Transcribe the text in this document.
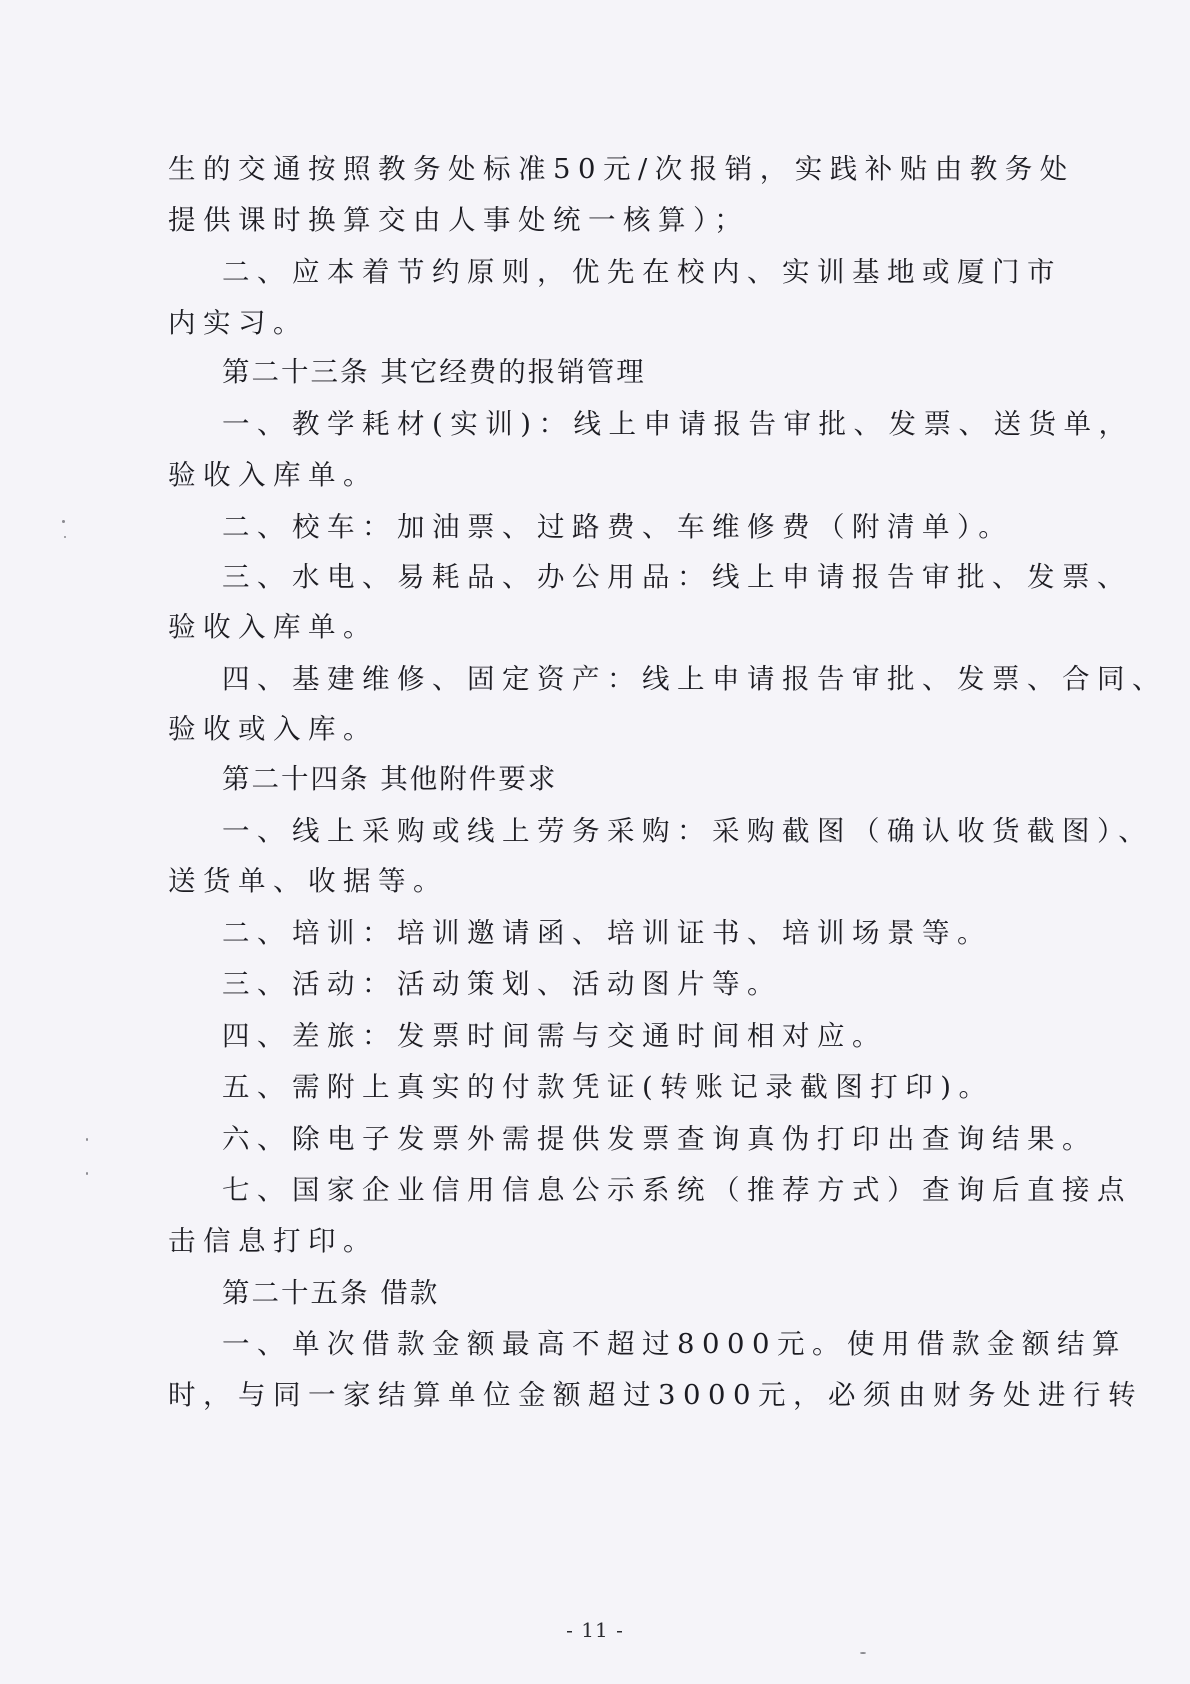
生的交通按照教务处标准50元/次报销，实践补贴由教务处
提供课时换算交由人事处统一核算）；
二、应本着节约原则，优先在校内、实训基地或厦门市
内实习。
第二十三条 其它经费的报销管理
一、教学耗材(实训)：线上申请报告审批、发票、送货单，
验收入库单。
二、校车：加油票、过路费、车维修费（附清单）。
三、水电、易耗品、办公用品：线上申请报告审批、发票、
验收入库单。
四、基建维修、固定资产：线上申请报告审批、发票、合同、
验收或入库。
第二十四条 其他附件要求
一、线上采购或线上劳务采购：采购截图（确认收货截图）、
送货单、收据等。
二、培训：培训邀请函、培训证书、培训场景等。
三、活动：活动策划、活动图片等。
四、差旅：发票时间需与交通时间相对应。
五、需附上真实的付款凭证(转账记录截图打印)。
六、除电子发票外需提供发票查询真伪打印出查询结果。
七、国家企业信用信息公示系统（推荐方式）查询后直接点
击信息打印。
第二十五条 借款
一、单次借款金额最高不超过8000元。使用借款金额结算
时，与同一家结算单位金额超过3000元，必须由财务处进行转
- 11 -
